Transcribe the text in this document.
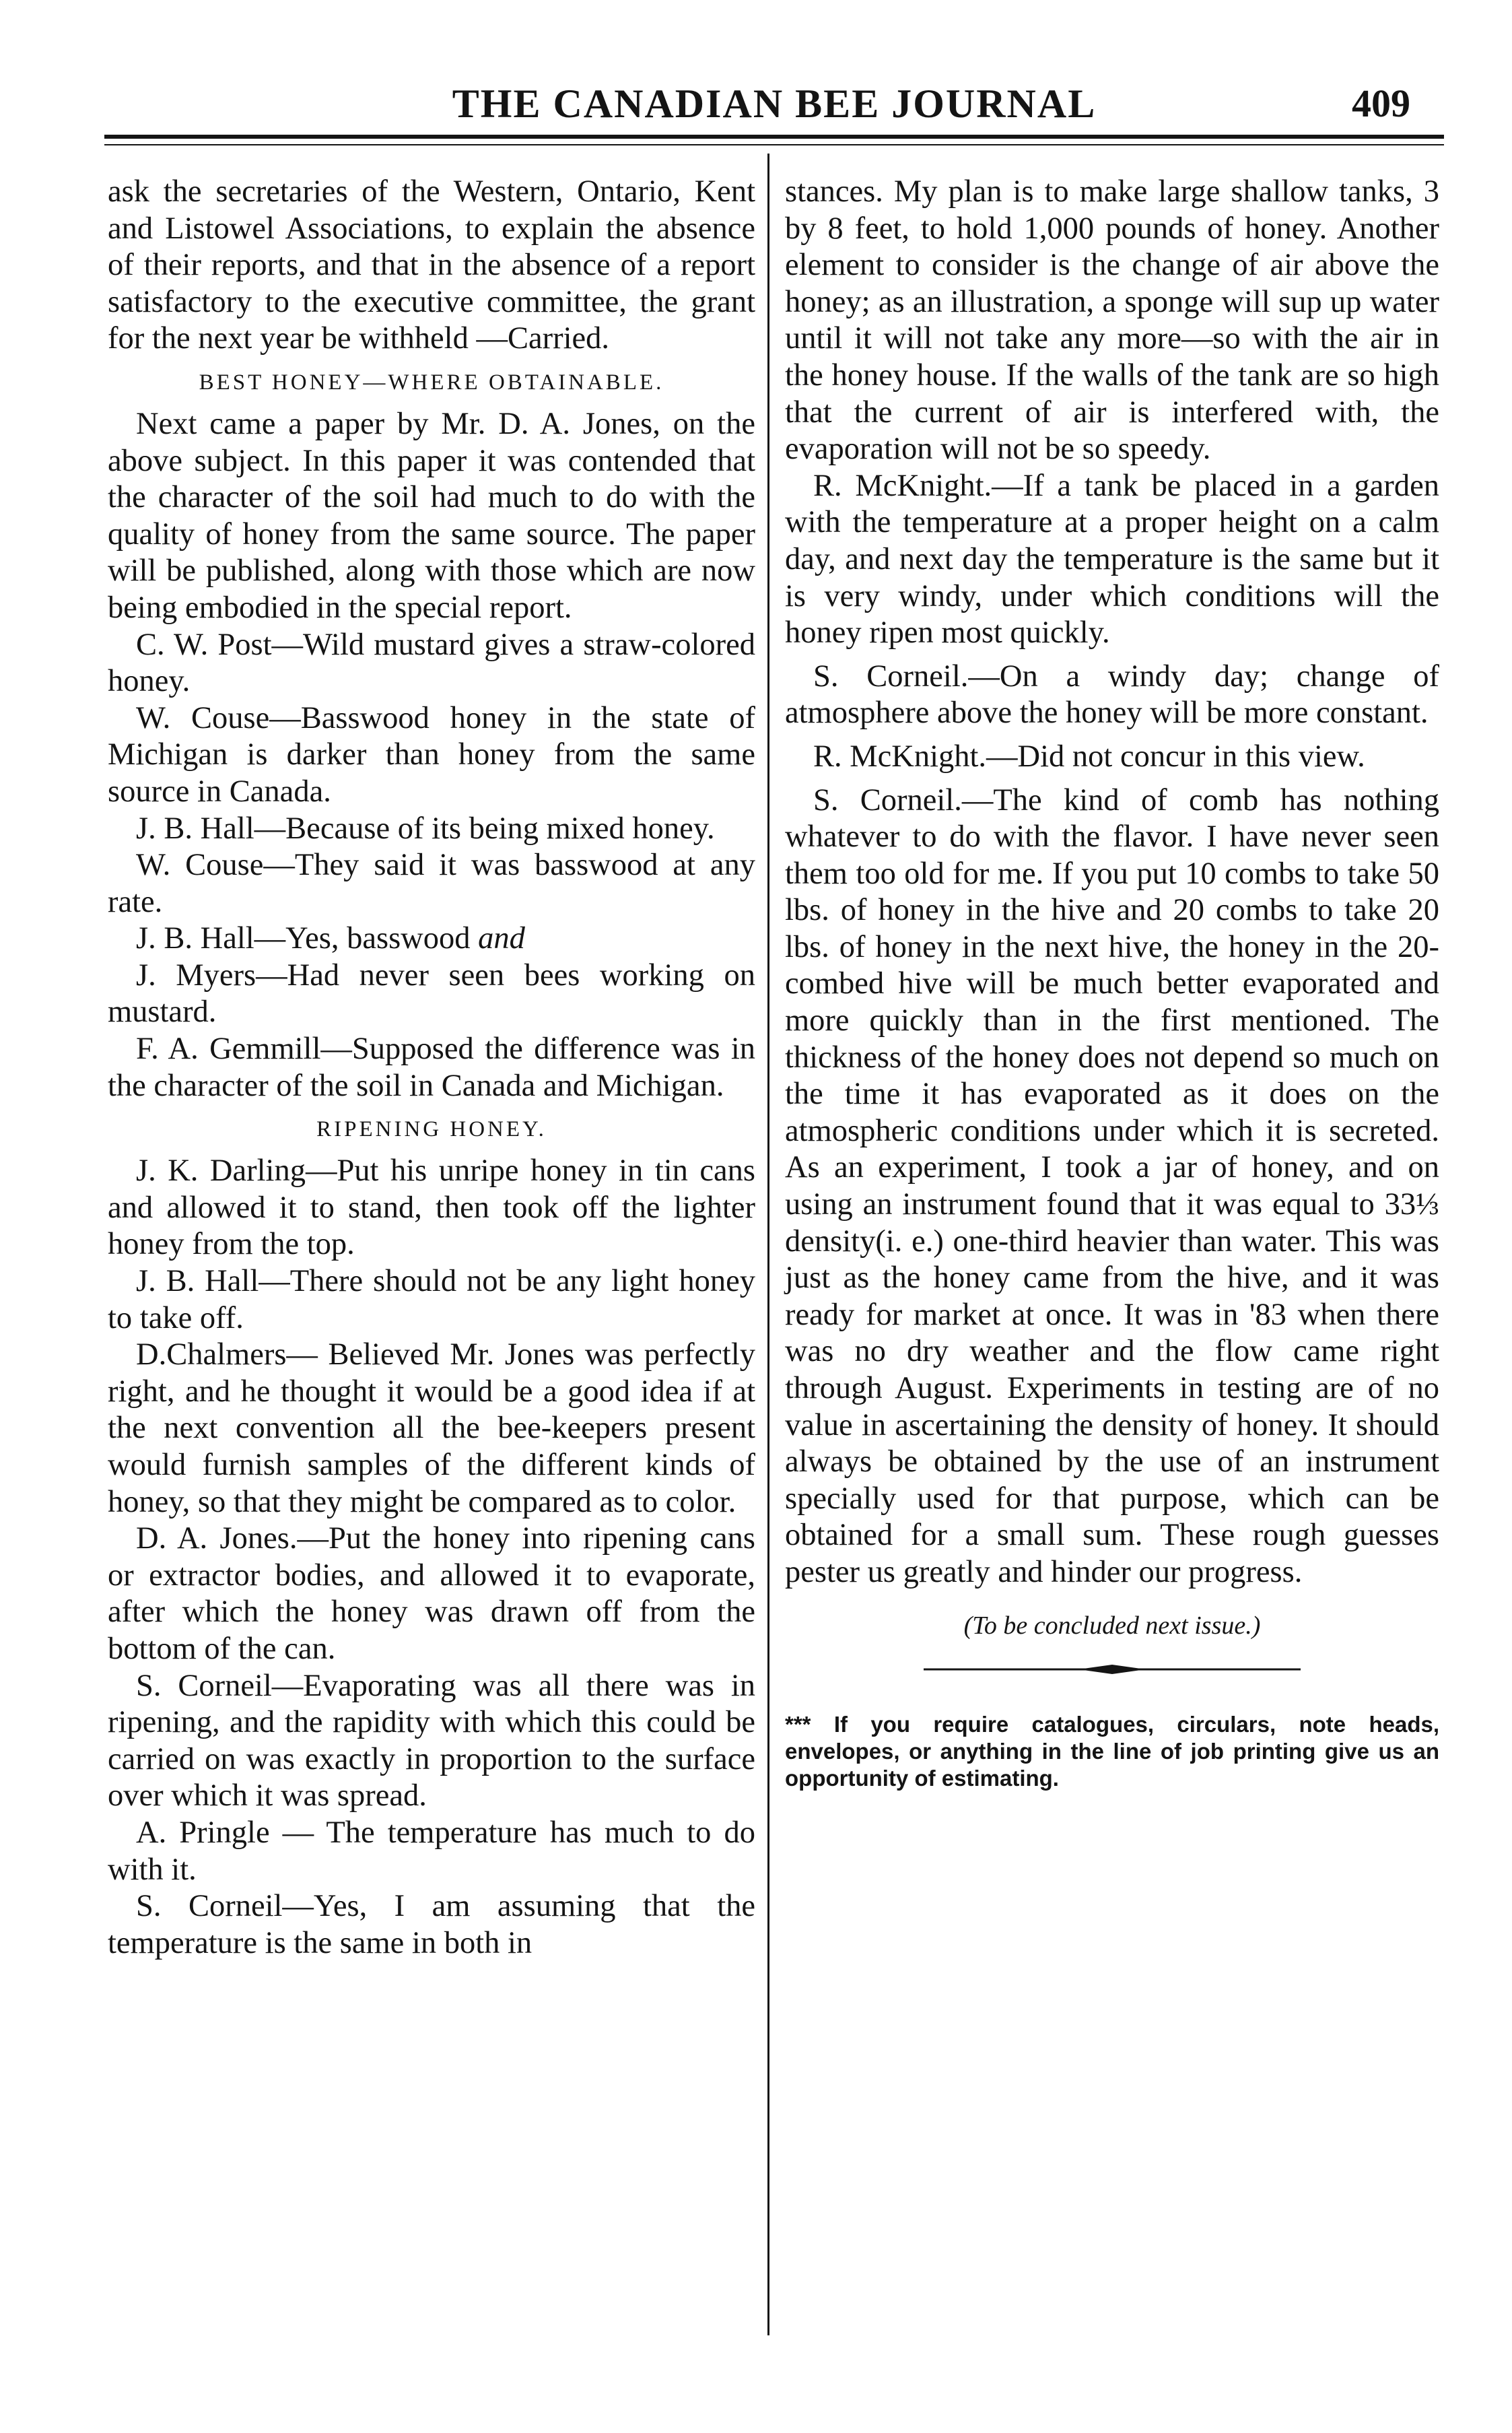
THE CANADIAN BEE JOURNAL	409

ask the secretaries of the Western, Ontario, Kent and Listowel Associations, to explain the absence of their reports, and that in the absence of a report satisfactory to the executive committee, the grant for the next year be withheld —Carried.

BEST HONEY—WHERE OBTAINABLE.

Next came a paper by Mr. D. A. Jones, on the above subject. In this paper it was contended that the character of the soil had much to do with the quality of honey from the same source. The paper will be published, along with those which are now being embodied in the special report.

C. W. Post—Wild mustard gives a straw-colored honey.

W. Couse—Basswood honey in the state of Michigan is darker than honey from the same source in Canada.

J. B. Hall—Because of its being mixed honey.

W. Couse—They said it was basswood at any rate.

J. B. Hall—Yes, basswood and

J. Myers—Had never seen bees working on mustard.

F. A. Gemmill—Supposed the difference was in the character of the soil in Canada and Michigan.

RIPENING HONEY.

J. K. Darling—Put his unripe honey in tin cans and allowed it to stand, then took off the lighter honey from the top.

J. B. Hall—There should not be any light honey to take off.

D.Chalmers— Believed Mr. Jones was perfectly right, and he thought it would be a good idea if at the next convention all the bee-keepers present would furnish samples of the different kinds of honey, so that they might be compared as to color.

D. A. Jones.—Put the honey into ripening cans or extractor bodies, and allowed it to evaporate, after which the honey was drawn off from the bottom of the can.

S. Corneil—Evaporating was all there was in ripening, and the rapidity with which this could be carried on was exactly in proportion to the surface over which it was spread.

A. Pringle — The temperature has much to do with it.

S. Corneil—Yes, I am assuming that the temperature is the same in both in

stances. My plan is to make large shallow tanks, 3 by 8 feet, to hold 1,000 pounds of honey. Another element to consider is the change of air above the honey; as an illustration, a sponge will sup up water until it will not take any more—so with the air in the honey house. If the walls of the tank are so high that the current of air is interfered with, the evaporation will not be so speedy.

R. McKnight.—If a tank be placed in a garden with the temperature at a proper height on a calm day, and next day the temperature is the same but it is very windy, under which conditions will the honey ripen most quickly.

S. Corneil.—On a windy day; change of atmosphere above the honey will be more constant.

R. McKnight.—Did not concur in this view.

S. Corneil.—The kind of comb has nothing whatever to do with the flavor. I have never seen them too old for me. If you put 10 combs to take 50 lbs. of honey in the hive and 20 combs to take 20 lbs. of honey in the next hive, the honey in the 20-combed hive will be much better evaporated and more quickly than in the first mentioned. The thickness of the honey does not depend so much on the time it has evaporated as it does on the atmospheric conditions under which it is secreted. As an experiment, I took a jar of honey, and on using an instrument found that it was equal to 33⅓ density(i. e.) one-third heavier than water. This was just as the honey came from the hive, and it was ready for market at once. It was in '83 when there was no dry weather and the flow came right through August. Experiments in testing are of no value in ascertaining the density of honey. It should always be obtained by the use of an instrument specially used for that purpose, which can be obtained for a small sum. These rough guesses pester us greatly and hinder our progress.

(To be concluded next issue.)
*** If you require catalogues, circulars, note heads, envelopes, or anything in the line of job printing give us an opportunity of estimating.
